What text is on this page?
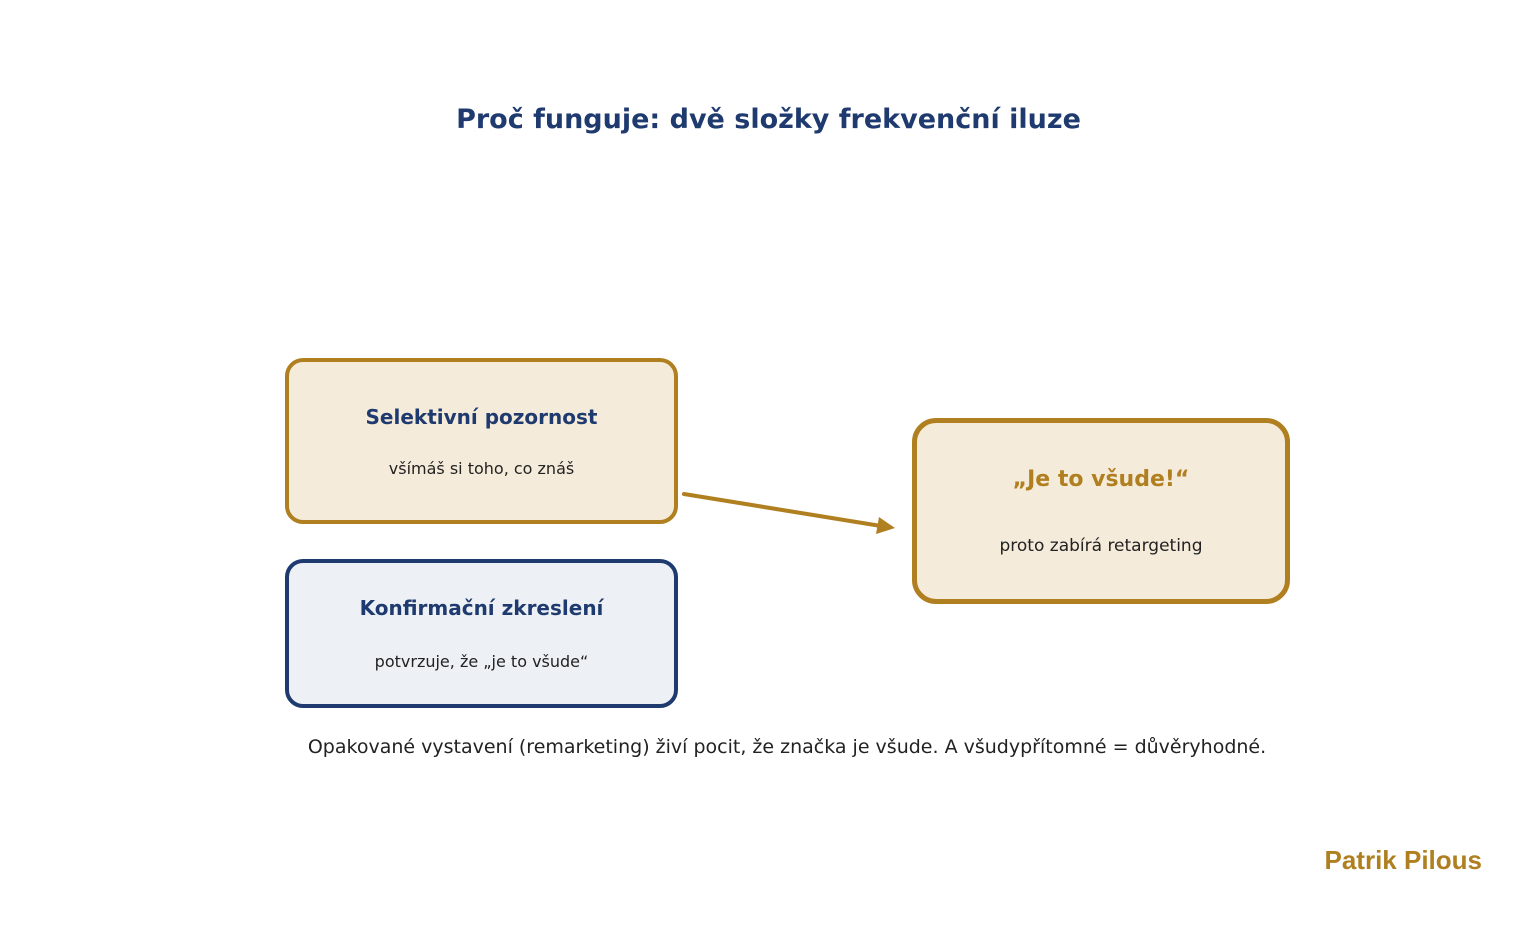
Proč funguje: dvě složky frekvenční iluze
Selektivní pozornost
všímáš si toho, co znáš
Konfirmační zkreslení
potvrzuje, že „je to všude“
„Je to všude!“
proto zabírá retargeting
Opakované vystavení (remarketing) živí pocit, že značka je všude. A všudypřítomné = důvěryhodné.
Patrik Pilous
